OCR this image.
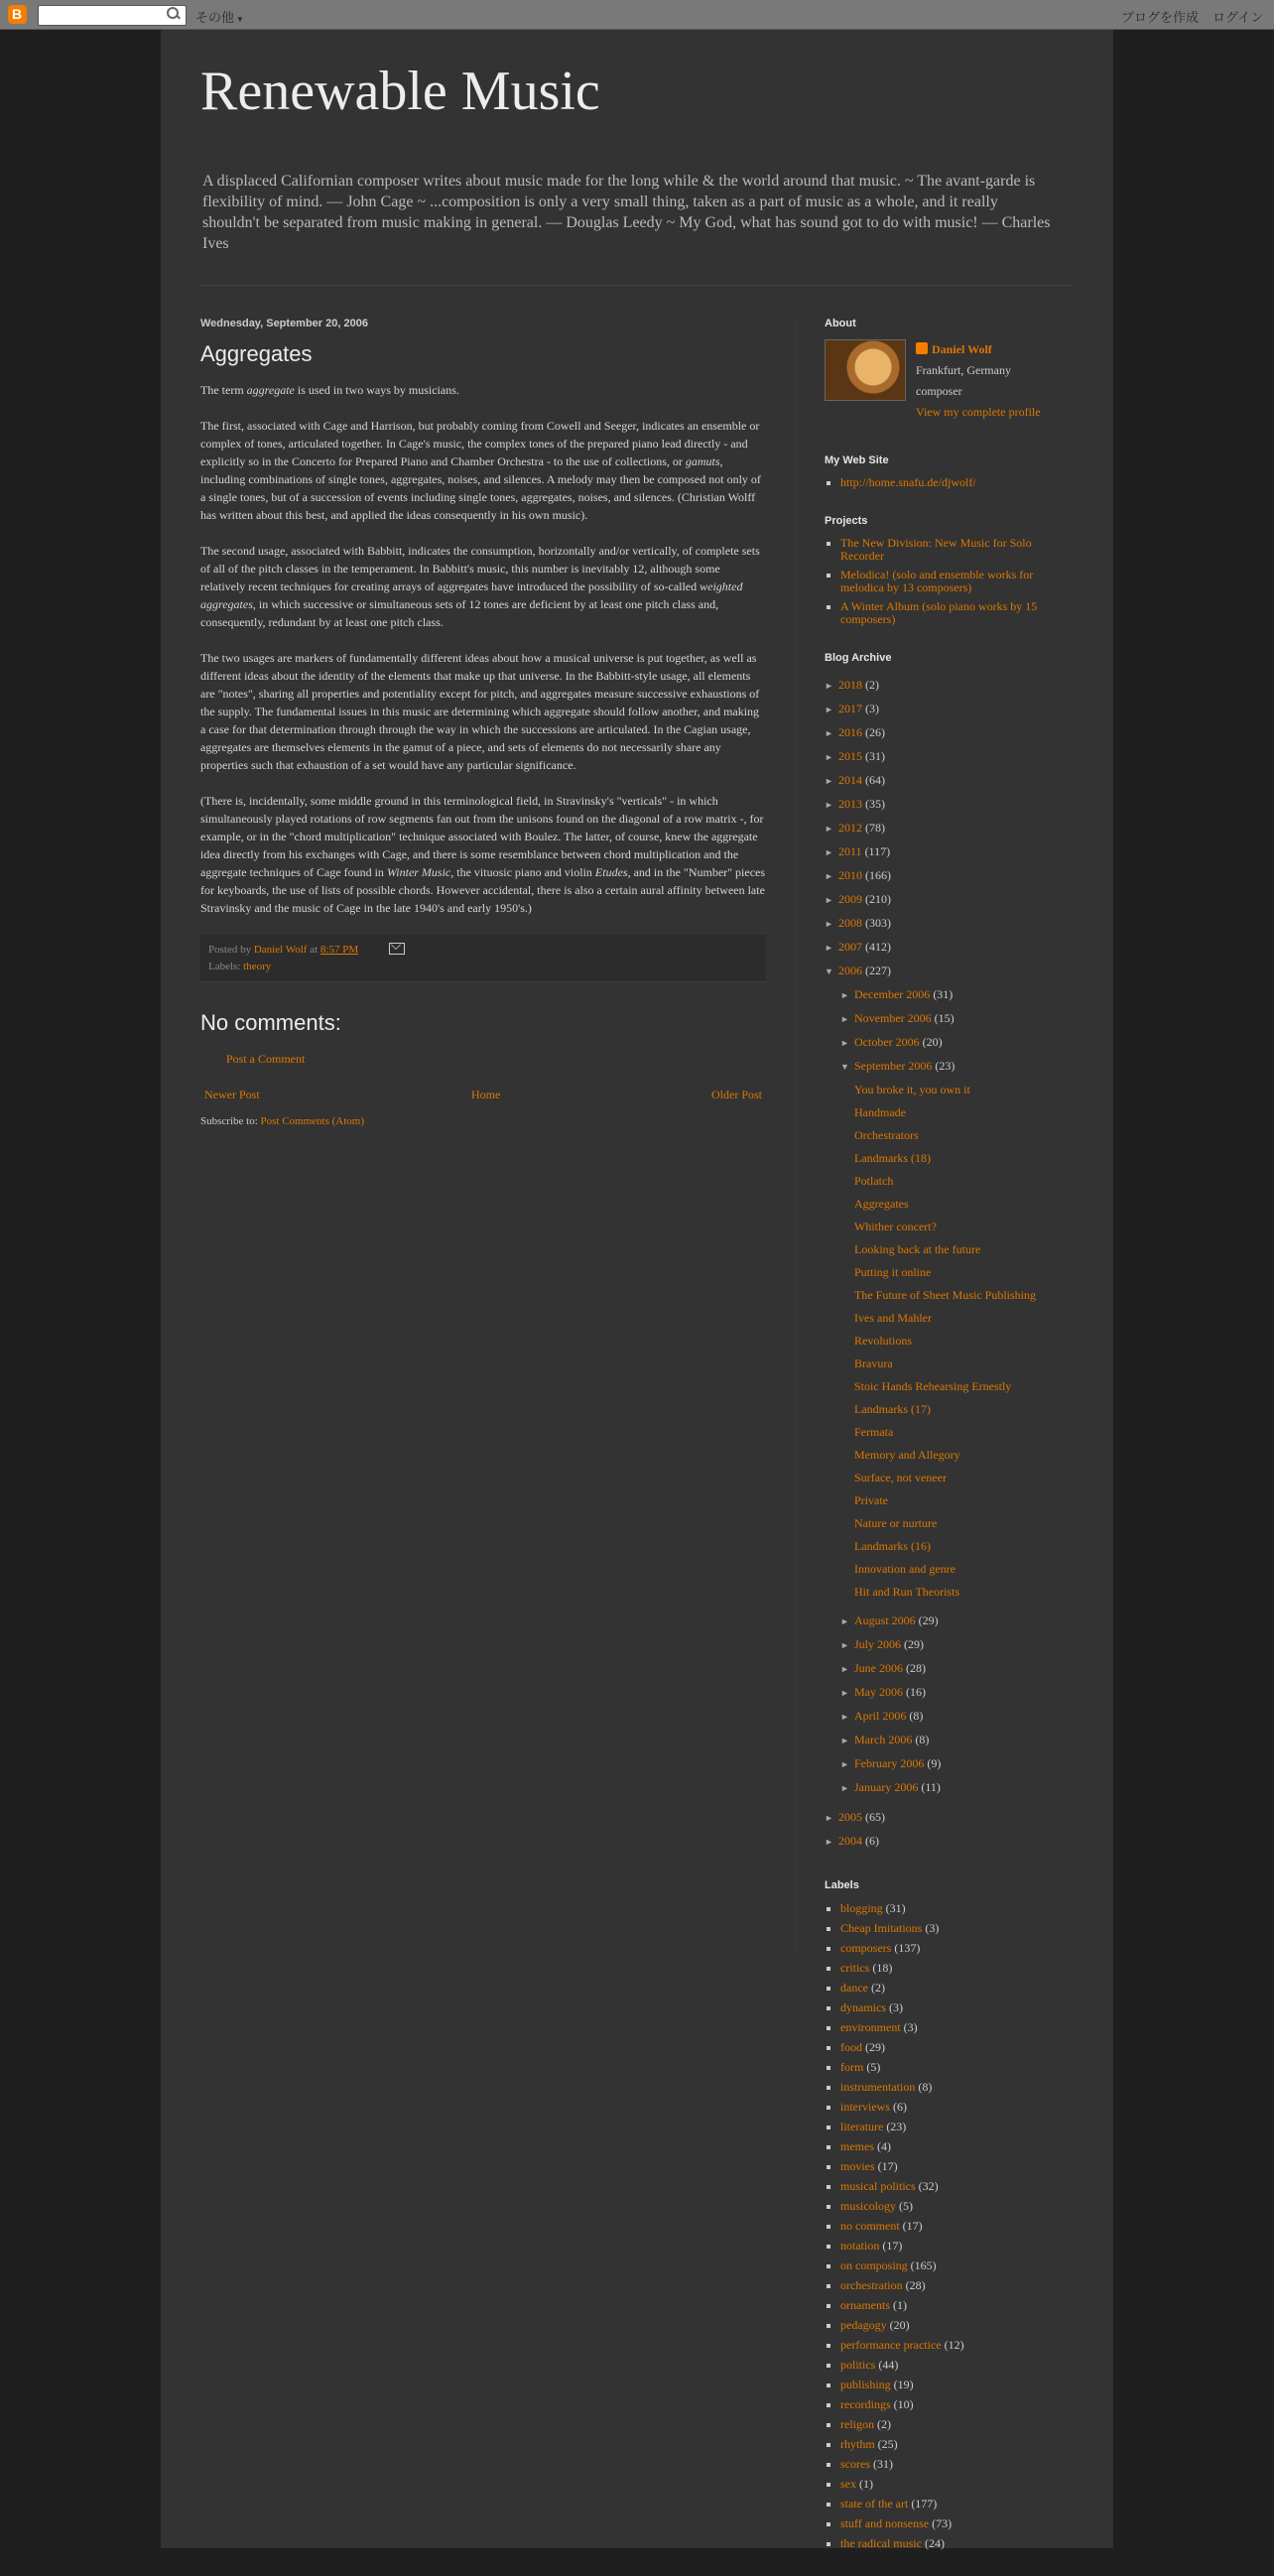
B
その他 ▼	ブログを作成 ログイン
Renewable Music
A displaced Californian composer writes about music made for the long while & the world around that music. ~ The avant-garde is flexibility of mind. — John Cage ~ ...composition is only a very small thing, taken as a part of music as a whole, and it really shouldn't be separated from music making in general. — Douglas Leedy ~ My God, what has sound got to do with music! — Charles Ives
Wednesday, September 20, 2006
Aggregates

The term aggregate is used in two ways by musicians.

The first, associated with Cage and Harrison, but probably coming from Cowell and Seeger, indicates an ensemble or complex of tones, articulated together. In Cage's music, the complex tones of the prepared piano lead directly - and explicitly so in the Concerto for Prepared Piano and Chamber Orchestra - to the use of collections, or gamuts, including combinations of single tones, aggregates, noises, and silences. A melody may then be composed not only of a single tones, but of a succession of events including single tones, aggregates, noises, and silences. (Christian Wolff has written about this best, and applied the ideas consequently in his own music).

The second usage, associated with Babbitt, indicates the consumption, horizontally and/or vertically, of complete sets of all of the pitch classes in the temperament. In Babbitt's music, this number is inevitably 12, although some relatively recent techniques for creating arrays of aggregates have introduced the possibility of so-called weighted aggregates, in which successive or simultaneous sets of 12 tones are deficient by at least one pitch class and, consequently, redundant by at least one pitch class.

The two usages are markers of fundamentally different ideas about how a musical universe is put together, as well as different ideas about the identity of the elements that make up that universe. In the Babbitt-style usage, all elements are "notes", sharing all properties and potentiality except for pitch, and aggregates measure successive exhaustions of the supply. The fundamental issues in this music are determining which aggregate should follow another, and making a case for that determination through through the way in which the successions are articulated. In the Cagian usage, aggregates are themselves elements in the gamut of a piece, and sets of elements do not necessarily share any properties such that exhaustion of a set would have any particular significance.

(There is, incidentally, some middle ground in this terminological field, in Stravinsky's "verticals" - in which simultaneously played rotations of row segments fan out from the unisons found on the diagonal of a row matrix -, for example, or in the "chord multiplication" technique associated with Boulez. The latter, of course, knew the aggregate idea directly from his exchanges with Cage, and there is some resemblance between chord multiplication and the aggregate techniques of Cage found in Winter Music, the vituosic piano and violin Etudes, and in the "Number" pieces for keyboards, the use of lists of possible chords. However accidental, there is also a certain aural affinity between late Stravinsky and the music of Cage in the late 1940's and early 1950's.)

Posted by Daniel Wolf at 8:57 PM
Labels: theory
No comments:
Post a Comment
Newer Post	Home	Older Post
Subscribe to: Post Comments (Atom)
About
Daniel Wolf
Frankfurt, Germany
composer
View my complete profile
My Web Site
▪ http://home.snafu.de/djwolf/
Projects
▪ The New Division: New Music for Solo Recorder
▪ Melodica! (solo and ensemble works for melodica by 13 composers)
▪ A Winter Album (solo piano works by 15 composers)
Blog Archive
► 2018 (2)
► 2017 (3)
► 2016 (26)
► 2015 (31)
► 2014 (64)
► 2013 (35)
► 2012 (78)
► 2011 (117)
► 2010 (166)
► 2009 (210)
► 2008 (303)
► 2007 (412)
▼ 2006 (227)
► December 2006 (31)
► November 2006 (15)
► October 2006 (20)
▼ September 2006 (23)
You broke it, you own it
Handmade
Orchestrators
Landmarks (18)
Potlatch
Aggregates
Whither concert?
Looking back at the future
Putting it online
The Future of Sheet Music Publishing
Ives and Mahler
Revolutions
Bravura
Stoic Hands Rehearsing Ernestly
Landmarks (17)
Fermata
Memory and Allegory
Surface, not veneer
Private
Nature or nurture
Landmarks (16)
Innovation and genre
Hit and Run Theorists
► August 2006 (29)
► July 2006 (29)
► June 2006 (28)
► May 2006 (16)
► April 2006 (8)
► March 2006 (8)
► February 2006 (9)
► January 2006 (11)
► 2005 (65)
► 2004 (6)
Labels
▪ blogging (31)
▪ Cheap Imitations (3)
▪ composers (137)
▪ critics (18)
▪ dance (2)
▪ dynamics (3)
▪ environment (3)
▪ food (29)
▪ form (5)
▪ instrumentation (8)
▪ interviews (6)
▪ literature (23)
▪ memes (4)
▪ movies (17)
▪ musical politics (32)
▪ musicology (5)
▪ no comment (17)
▪ notation (17)
▪ on composing (165)
▪ orchestration (28)
▪ ornaments (1)
▪ pedagogy (20)
▪ performance practice (12)
▪ politics (44)
▪ publishing (19)
▪ recordings (10)
▪ religon (2)
▪ rhythm (25)
▪ scores (31)
▪ sex (1)
▪ state of the art (177)
▪ stuff and nonsense (73)
▪ the radical music (24)
